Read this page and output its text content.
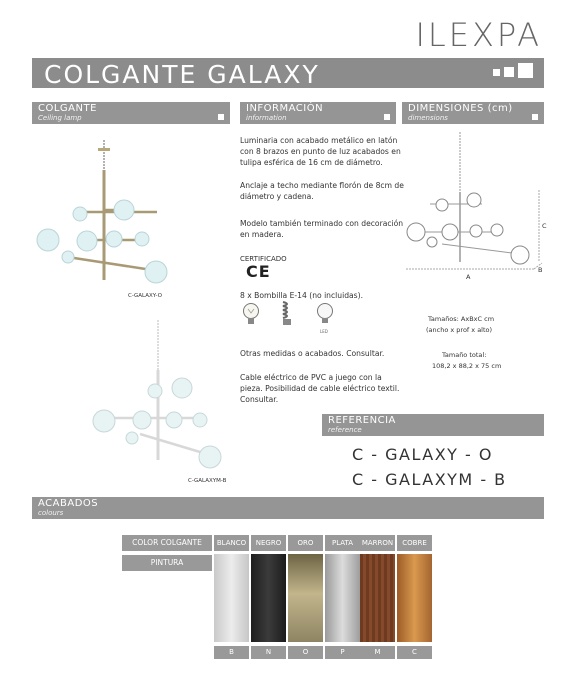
ILEXPA
COLGANTE GALAXY
COLGANTE
Ceiling lamp
INFORMACIÓN
information
DIMENSIONES (cm)
dimensions
C-GALAXY-O
C-GALAXYM-B
Luminaria con acabado metálico en latón con 8 brazos en punto de luz acabados en tulipa esférica de 16 cm de diámetro.
Anclaje a techo mediante florón de 8cm de diámetro y cadena.
Modelo también terminado con decoración en madera.
CERTIFICADO
CE
8 x Bombilla E-14 (no incluidas).
LED
Otras medidas o acabados. Consultar.
Cable eléctrico de PVC a juego con la pieza. Posibilidad de cable eléctrico textil. Consultar.
A
B
C
Tamaños: AxBxC cm
(ancho x prof x alto)
Tamaño total:
108,2 x 88,2 x 75 cm
REFERENCIA
reference
C - GALAXY - O
C - GALAXYM - B
ACABADOS
colours
COLOR COLGANTE
PINTURA
BLANCO
B
NEGRO
N
ORO
O
PLATA
P
MARRON
M
COBRE
C
